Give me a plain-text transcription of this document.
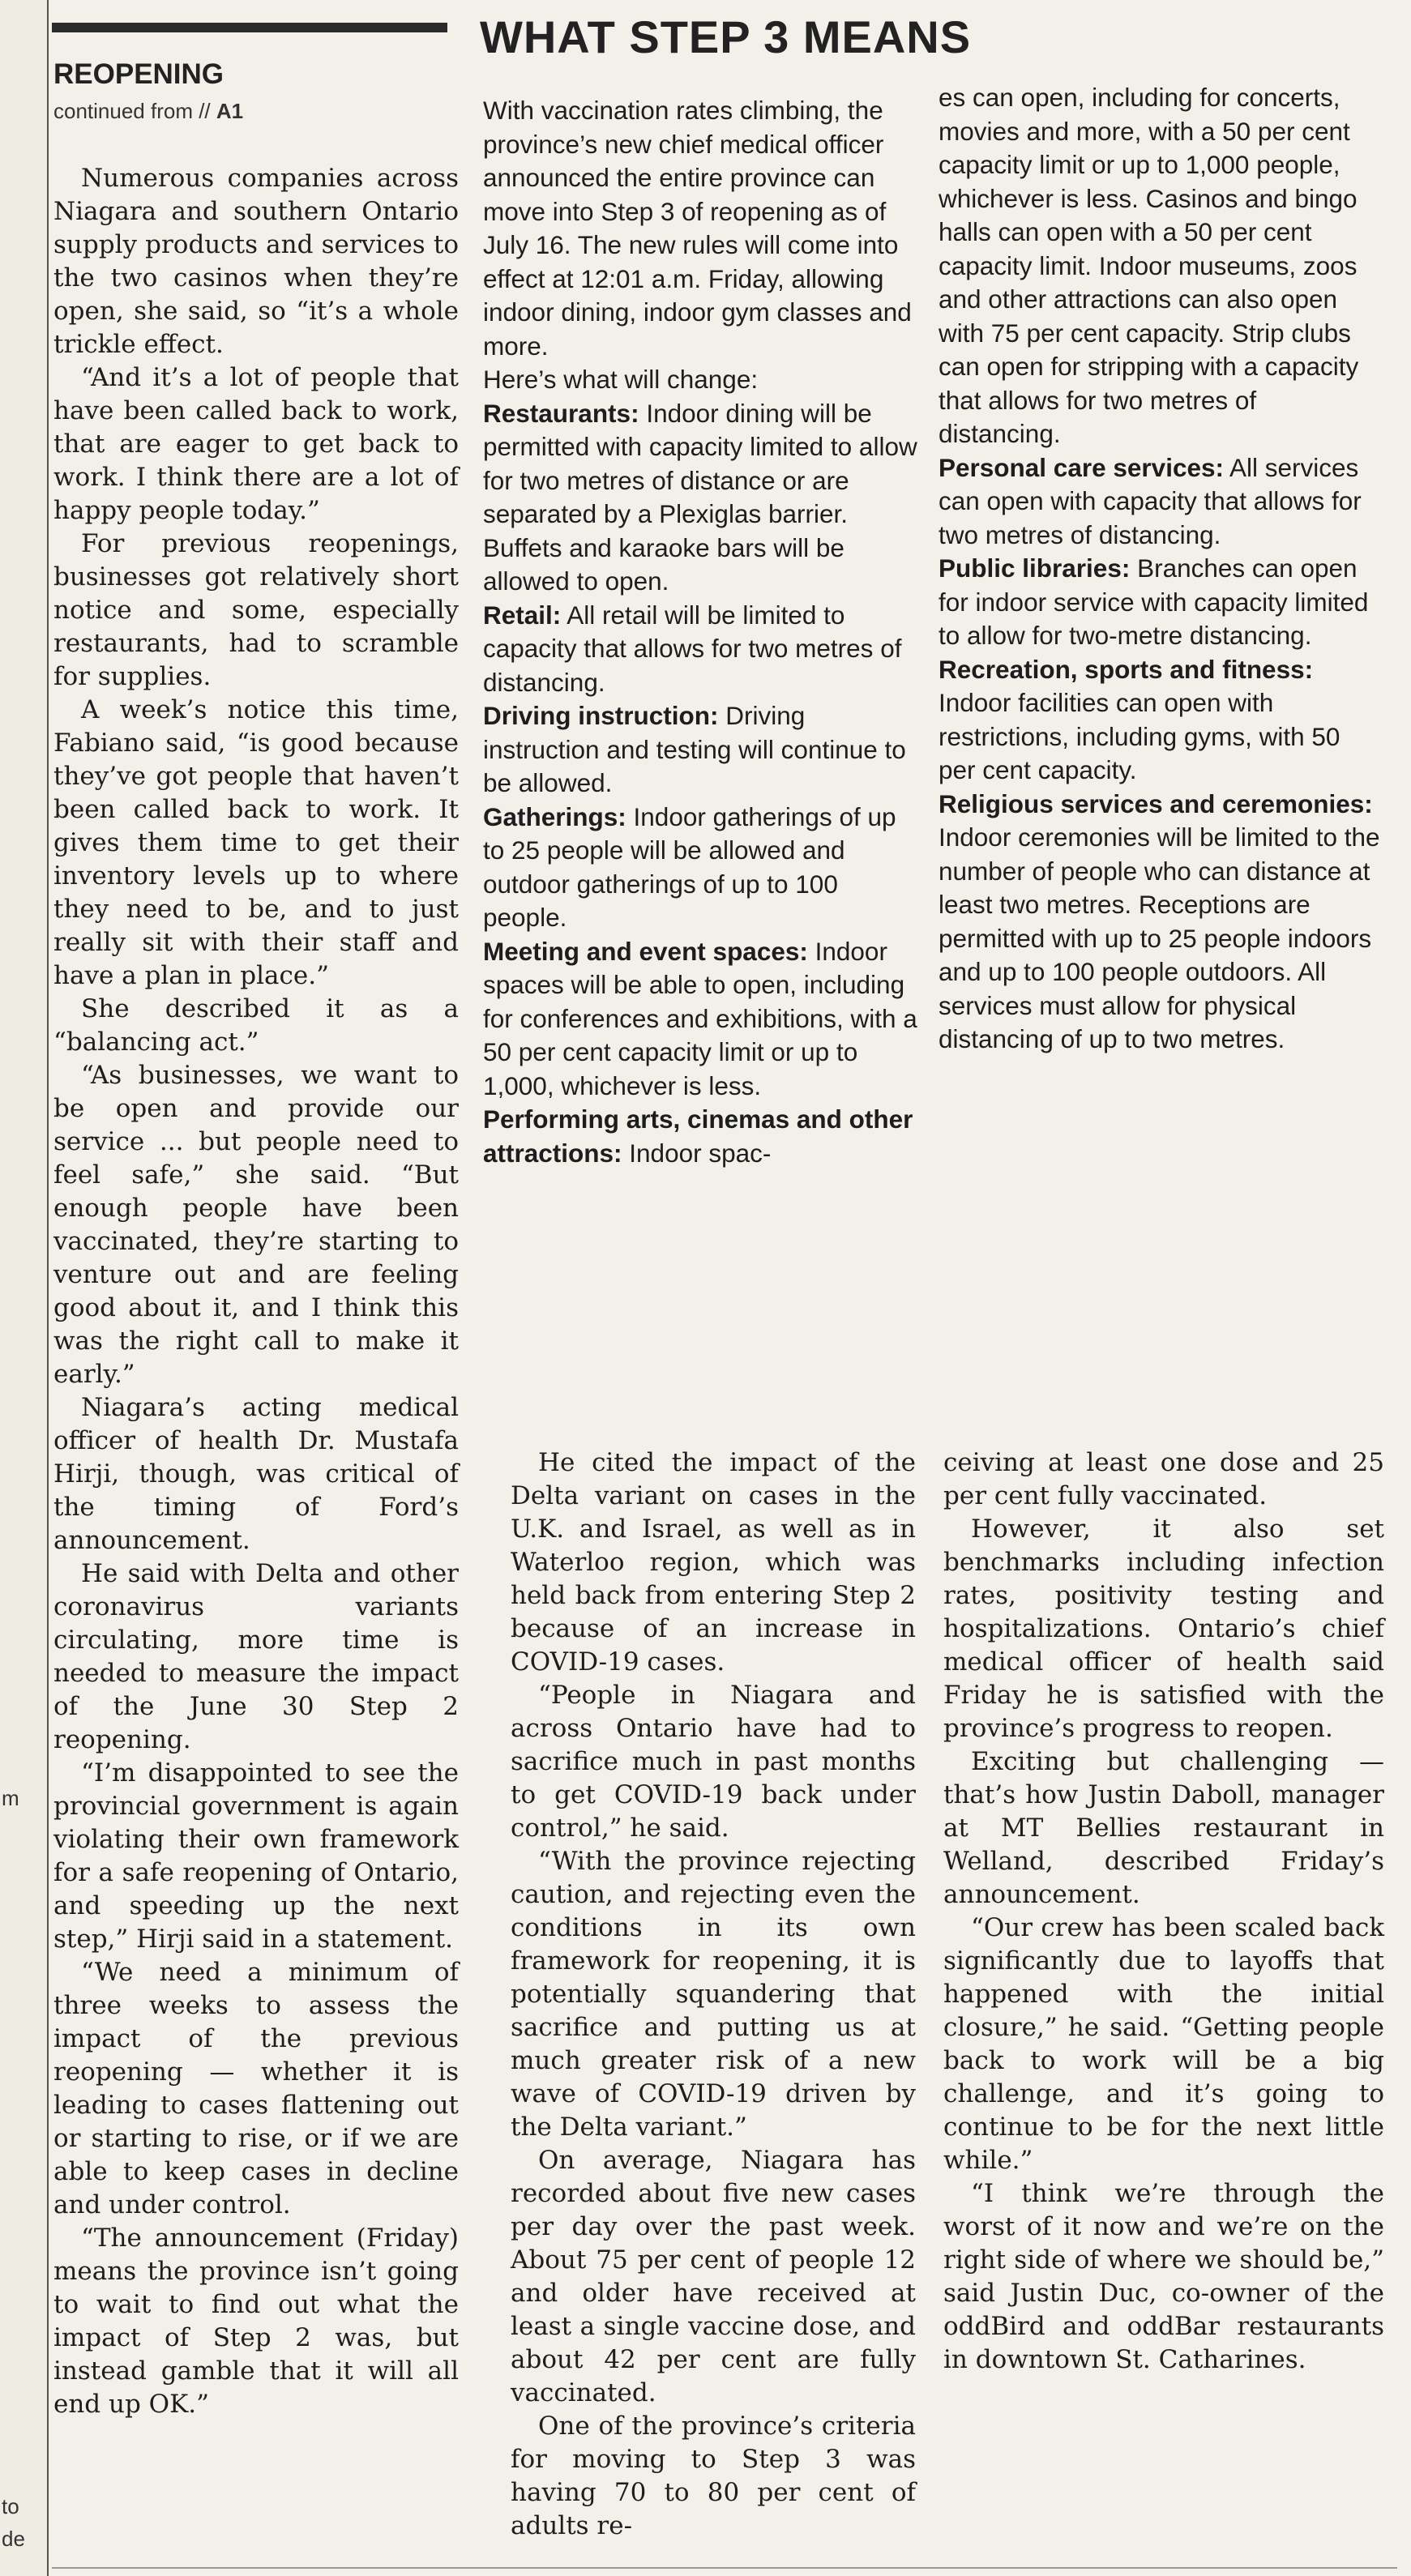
m
to
de
WHAT STEP 3 MEANS
REOPENING
continued from // A1

Numerous companies across Niagara and southern Ontario supply products and services to the two casinos when they’re open, she said, so “it’s a whole trickle effect.

“And it’s a lot of people that have been called back to work, that are eager to get back to work. I think there are a lot of happy people today.”

For previous reopenings, businesses got relatively short notice and some, especially restaurants, had to scramble for supplies.

A week’s notice this time, Fabiano said, “is good because they’ve got people that haven’t been called back to work. It gives them time to get their inventory levels up to where they need to be, and to just really sit with their staff and have a plan in place.”

She described it as a “balancing act.”

“As businesses, we want to be open and provide our service ... but people need to feel safe,” she said. “But enough people have been vaccinated, they’re starting to venture out and are feeling good about it, and I think this was the right call to make it early.”

Niagara’s acting medical officer of health Dr. Mustafa Hirji, though, was critical of the timing of Ford’s announcement.

He said with Delta and other coronavirus variants circulating, more time is needed to measure the impact of the June 30 Step 2 reopening.

“I’m disappointed to see the provincial government is again violating their own framework for a safe reopening of Ontario, and speeding up the next step,” Hirji said in a statement.

“We need a minimum of three weeks to assess the impact of the previous reopening — whether it is leading to cases flattening out or starting to rise, or if we are able to keep cases in decline and under control.

“The announcement (Friday) means the province isn’t going to wait to find out what the impact of Step 2 was, but instead gamble that it will all end up OK.”

With vaccination rates climbing, the province’s new chief medical officer announced the entire province can move into Step 3 of reopening as of July 16. The new rules will come into effect at 12:01 a.m. Friday, allowing indoor dining, indoor gym classes and more.

Here’s what will change:

Restaurants: Indoor dining will be permitted with capacity limited to allow for two metres of distance or are separated by a Plexiglas barrier. Buffets and karaoke bars will be allowed to open.

Retail: All retail will be limited to capacity that allows for two metres of distancing.

Driving instruction: Driving instruction and testing will continue to be allowed.

Gatherings: Indoor gatherings of up to 25 people will be allowed and outdoor gatherings of up to 100 people.

Meeting and event spaces: Indoor spaces will be able to open, including for conferences and exhibitions, with a 50 per cent capacity limit or up to 1,000, whichever is less.

Performing arts, cinemas and other attractions: Indoor spac-

es can open, including for concerts, movies and more, with a 50 per cent capacity limit or up to 1,000 people, whichever is less. Casinos and bingo halls can open with a 50 per cent capacity limit. Indoor museums, zoos and other attractions can also open with 75 per cent capacity. Strip clubs can open for stripping with a capacity that allows for two metres of distancing.

Personal care services: All services can open with capacity that allows for two metres of distancing.

Public libraries: Branches can open for indoor service with capacity limited to allow for two-metre distancing.

Recreation, sports and fitness: Indoor facilities can open with restrictions, including gyms, with 50 per cent capacity.

Religious services and ceremonies: Indoor ceremonies will be limited to the number of people who can distance at least two metres. Receptions are permitted with up to 25 people indoors and up to 100 people outdoors. All services must allow for physical distancing of up to two metres.

He cited the impact of the Delta variant on cases in the U.K. and Israel, as well as in Waterloo region, which was held back from entering Step 2 because of an increase in COVID-19 cases.

“People in Niagara and across Ontario have had to sacrifice much in past months to get COVID-19 back under control,” he said.

“With the province rejecting caution, and rejecting even the conditions in its own framework for reopening, it is potentially squandering that sacrifice and putting us at much greater risk of a new wave of COVID-19 driven by the Delta variant.”

On average, Niagara has recorded about five new cases per day over the past week. About 75 per cent of people 12 and older have received at least a single vaccine dose, and about 42 per cent are fully vaccinated.

One of the province’s criteria for moving to Step 3 was having 70 to 80 per cent of adults re-

ceiving at least one dose and 25 per cent fully vaccinated.

However, it also set benchmarks including infection rates, positivity testing and hospitalizations. Ontario’s chief medical officer of health said Friday he is satisfied with the province’s progress to reopen.

Exciting but challenging — that’s how Justin Daboll, manager at MT Bellies restaurant in Welland, described Friday’s announcement.

“Our crew has been scaled back significantly due to layoffs that happened with the initial closure,” he said. “Getting people back to work will be a big challenge, and it’s going to continue to be for the next little while.”

“I think we’re through the worst of it now and we’re on the right side of where we should be,” said Justin Duc, co-owner of the oddBird and oddBar restaurants in downtown St. Catharines.
